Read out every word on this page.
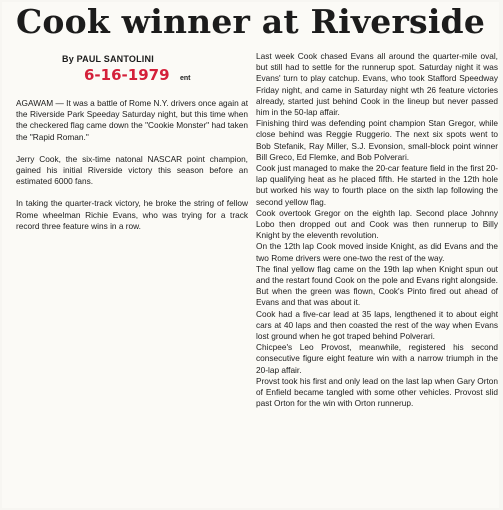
Cook winner at Riverside
By PAUL SANTOLINI
6-16-1979 ent

AGAWAM — It was a battle of Rome N.Y. drivers once again at the Riverside Park Speeday Saturday night, but this time when the checkered flag came down the "Cookie Monster" had taken the "Rapid Roman."

Jerry Cook, the six-time natonal NASCAR point champion, gained his initial Riverside victory this season before an estimated 6000 fans.

In taking the quarter-track victory, he broke the string of fellow Rome wheelman Richie Evans, who was trying for a track record three feature wins in a row.

Last week Cook chased Evans all around the quarter-mile oval, but still had to settle for the runnerup spot. Saturday night it was Evans' turn to play catchup. Evans, who took Stafford Speedway Friday night, and came in Saturday night wth 26 feature victories already, started just behind Cook in the lineup but never passed him in the 50-lap affair.

Finishing third was defending point champion Stan Gregor, while close behind was Reggie Ruggerio. The next six spots went to Bob Stefanik, Ray Miller, S.J. Evonsion, small-block point winner Bill Greco, Ed Flemke, and Bob Polverari.

Cook just managed to make the 20-car feature field in the first 20-lap qualifying heat as he placed fifth. He started in the 12th hole but worked his way to fourth place on the sixth lap following the second yellow flag.

Cook overtook Gregor on the eighth lap. Second place Johnny Lobo then dropped out and Cook was then runnerup to Billy Knight by the eleventh revolution.

On the 12th lap Cook moved inside Knight, as did Evans and the two Rome drivers were one-two the rest of the way.

The final yellow flag came on the 19th lap when Knight spun out and the restart found Cook on the pole and Evans right alongside. But when the green was flown, Cook's Pinto fired out ahead of Evans and that was about it.

Cook had a five-car lead at 35 laps, lengthened it to about eight cars at 40 laps and then coasted the rest of the way when Evans lost ground when he got traped behind Polverari.

Chicpee's Leo Provost, meanwhile, registered his second consecutive figure eight feature win with a narrow triumph in the 20-lap affair.

Provst took his first and only lead on the last lap when Gary Orton of Enfield became tangled with some other vehicles. Provost slid past Orton for the win with Orton runnerup.
